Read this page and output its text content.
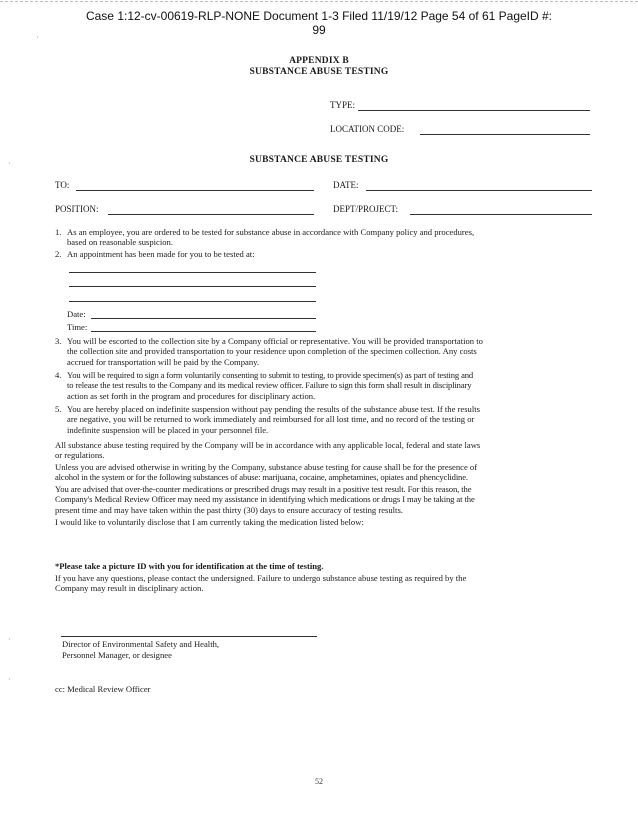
Case 1:12-cv-00619-RLP-NONE Document 1-3 Filed 11/19/12 Page 54 of 61 PageID #:
99
APPENDIX B
SUBSTANCE ABUSE TESTING
TYPE:
LOCATION CODE:
SUBSTANCE ABUSE TESTING
TO:	DATE:
POSITION:	DEPT/PROJECT:
1. As an employee, you are ordered to be tested for substance abuse in accordance with Company policy and procedures,
based on reasonable suspicion.
2. An appointment has been made for you to be tested at:
Date:
Time:
3. You will be escorted to the collection site by a Company official or representative. You will be provided transportation to
the collection site and provided transportation to your residence upon completion of the specimen collection. Any costs
accrued for transportation will be paid by the Company.
4. You will be required to sign a form voluntarily consenting to submit to testing, to provide specimen(s) as part of testing and
to release the test results to the Company and its medical review officer. Failure to sign this form shall result in disciplinary
action as set forth in the program and procedures for disciplinary action.
5. You are hereby placed on indefinite suspension without pay pending the results of the substance abuse test. If the results
are negative, you will be returned to work immediately and reimbursed for all lost time, and no record of the testing or
indefinite suspension will be placed in your personnel file.
All substance abuse testing required by the Company will be in accordance with any applicable local, federal and state laws
or regulations.
Unless you are advised otherwise in writing by the Company, substance abuse testing for cause shall be for the presence of
alcohol in the system or for the following substances of abuse: marijuana, cocaine, amphetamines, opiates and phencyclidine.
You are advised that over-the-counter medications or prescribed drugs may result in a positive test result. For this reason, the
Company's Medical Review Officer may need my assistance in identifying which medications or drugs I may be taking at the
present time and may have taken within the past thirty (30) days to ensure accuracy of testing results.
I would like to voluntarily disclose that I am currently taking the medication listed below:
*Please take a picture ID with you for identification at the time of testing.
If you have any questions, please contact the undersigned. Failure to undergo substance abuse testing as required by the
Company may result in disciplinary action.
Director of Environmental Safety and Health,
Personnel Manager, or designee
cc: Medical Review Officer
52
·
·
·
·
